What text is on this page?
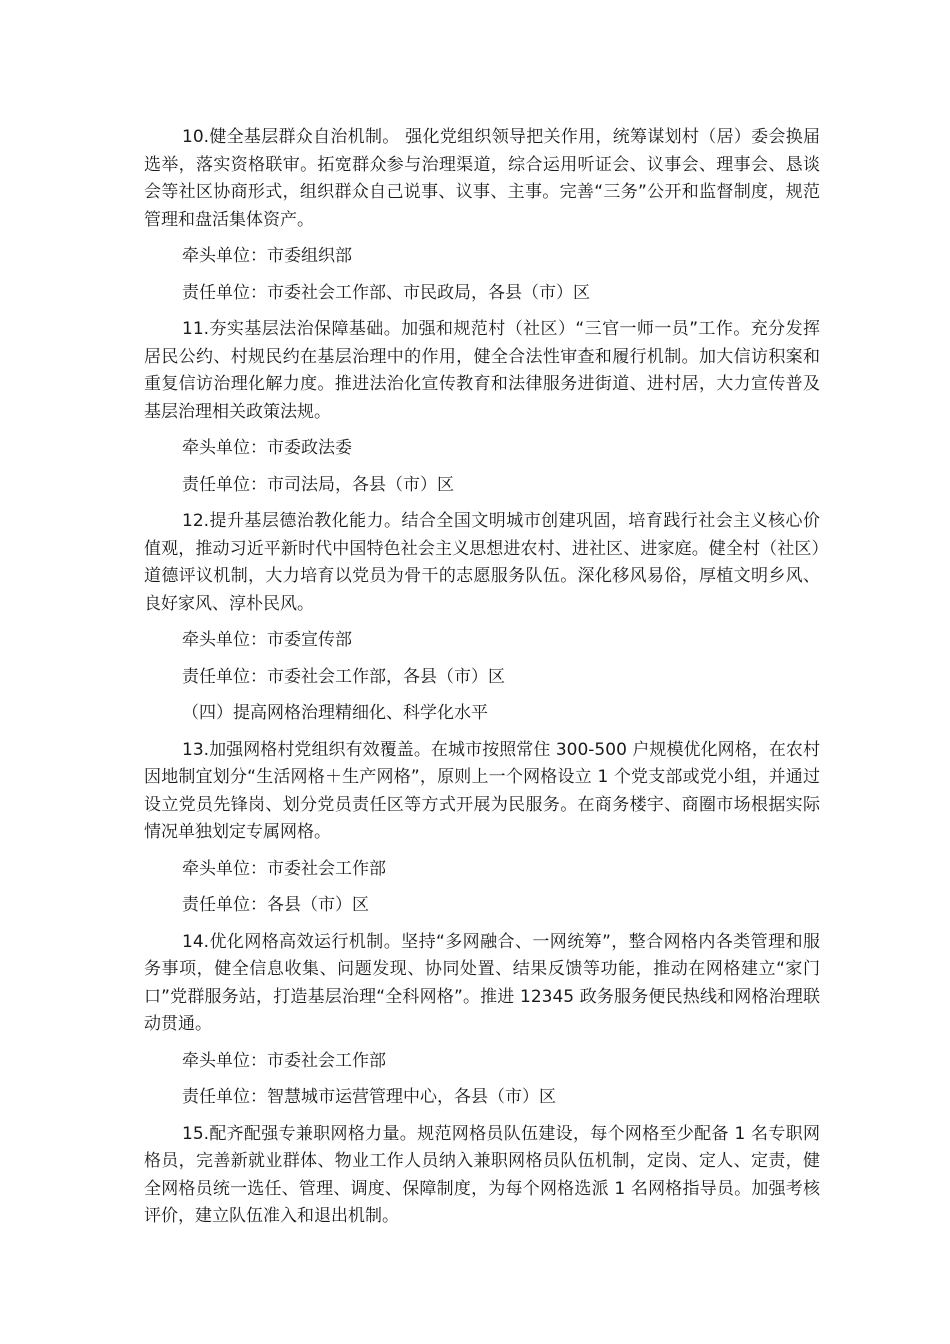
10.健全基层群众自治机制。 强化党组织领导把关作用，统筹谋划村（居）委会换届选举，落实资格联审。拓宽群众参与治理渠道，综合运用听证会、议事会、理事会、恳谈会等社区协商形式，组织群众自己说事、议事、主事。完善“三务”公开和监督制度，规范管理和盘活集体资产。

牵头单位：市委组织部

责任单位：市委社会工作部、市民政局，各县（市）区

11.夯实基层法治保障基础。加强和规范村（社区）“三官一师一员”工作。充分发挥居民公约、村规民约在基层治理中的作用，健全合法性审查和履行机制。加大信访积案和重复信访治理化解力度。推进法治化宣传教育和法律服务进街道、进村居，大力宣传普及基层治理相关政策法规。

牵头单位：市委政法委

责任单位：市司法局，各县（市）区

12.提升基层德治教化能力。结合全国文明城市创建巩固，培育践行社会主义核心价值观，推动习近平新时代中国特色社会主义思想进农村、进社区、进家庭。健全村（社区）道德评议机制，大力培育以党员为骨干的志愿服务队伍。深化移风易俗，厚植文明乡风、良好家风、淳朴民风。

牵头单位：市委宣传部

责任单位：市委社会工作部，各县（市）区

（四）提高网格治理精细化、科学化水平

13.加强网格村党组织有效覆盖。在城市按照常住 300-500 户规模优化网格，在农村因地制宜划分“生活网格＋生产网格”，原则上一个网格设立 1 个党支部或党小组，并通过设立党员先锋岗、划分党员责任区等方式开展为民服务。在商务楼宇、商圈市场根据实际情况单独划定专属网格。

牵头单位：市委社会工作部

责任单位：各县（市）区

14.优化网格高效运行机制。坚持“多网融合、一网统筹”，整合网格内各类管理和服务事项，健全信息收集、问题发现、协同处置、结果反馈等功能，推动在网格建立“家门口”党群服务站，打造基层治理“全科网格”。推进 12345 政务服务便民热线和网格治理联动贯通。

牵头单位：市委社会工作部

责任单位：智慧城市运营管理中心，各县（市）区

15.配齐配强专兼职网格力量。规范网格员队伍建设，每个网格至少配备 1 名专职网格员，完善新就业群体、物业工作人员纳入兼职网格员队伍机制，定岗、定人、定责，健全网格员统一选任、管理、调度、保障制度，为每个网格选派 1 名网格指导员。加强考核评价，建立队伍准入和退出机制。
